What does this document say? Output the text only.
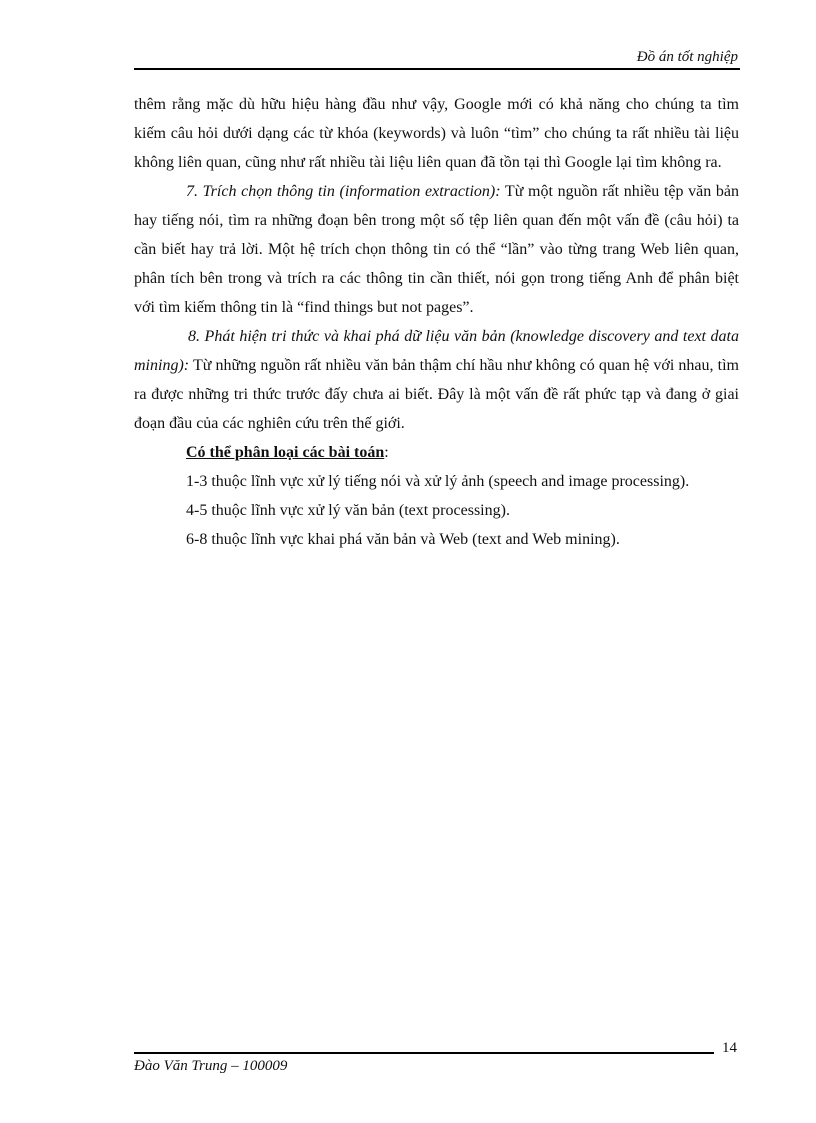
Đồ án tốt nghiệp

thêm rằng mặc dù hữu hiệu hàng đầu như vậy, Google mới có khả năng cho chúng ta tìm kiếm câu hỏi dưới dạng các từ khóa (keywords) và luôn “tìm” cho chúng ta rất nhiều tài liệu không liên quan, cũng như rất nhiều tài liệu liên quan đã tồn tại thì Google lại tìm không ra.

7. Trích chọn thông tin (information extraction): Từ một nguồn rất nhiều tệp văn bản hay tiếng nói, tìm ra những đoạn bên trong một số tệp liên quan đến một vấn đề (câu hỏi) ta cần biết hay trả lời. Một hệ trích chọn thông tin có thể “lần” vào từng trang Web liên quan, phân tích bên trong và trích ra các thông tin cần thiết, nói gọn trong tiếng Anh để phân biệt với tìm kiếm thông tin là “find things but not pages”.

8. Phát hiện tri thức và khai phá dữ liệu văn bản (knowledge discovery and text data mining): Từ những nguồn rất nhiều văn bản thậm chí hầu như không có quan hệ với nhau, tìm ra được những tri thức trước đấy chưa ai biết. Đây là một vấn đề rất phức tạp và đang ở giai đoạn đầu của các nghiên cứu trên thế giới.

Có thể phân loại các bài toán:

1-3 thuộc lĩnh vực xử lý tiếng nói và xử lý ảnh (speech and image processing).

4-5 thuộc lĩnh vực xử lý văn bản (text processing).

6-8 thuộc lĩnh vực khai phá văn bản và Web (text and Web mining).

14
Đào Văn Trung – 100009
